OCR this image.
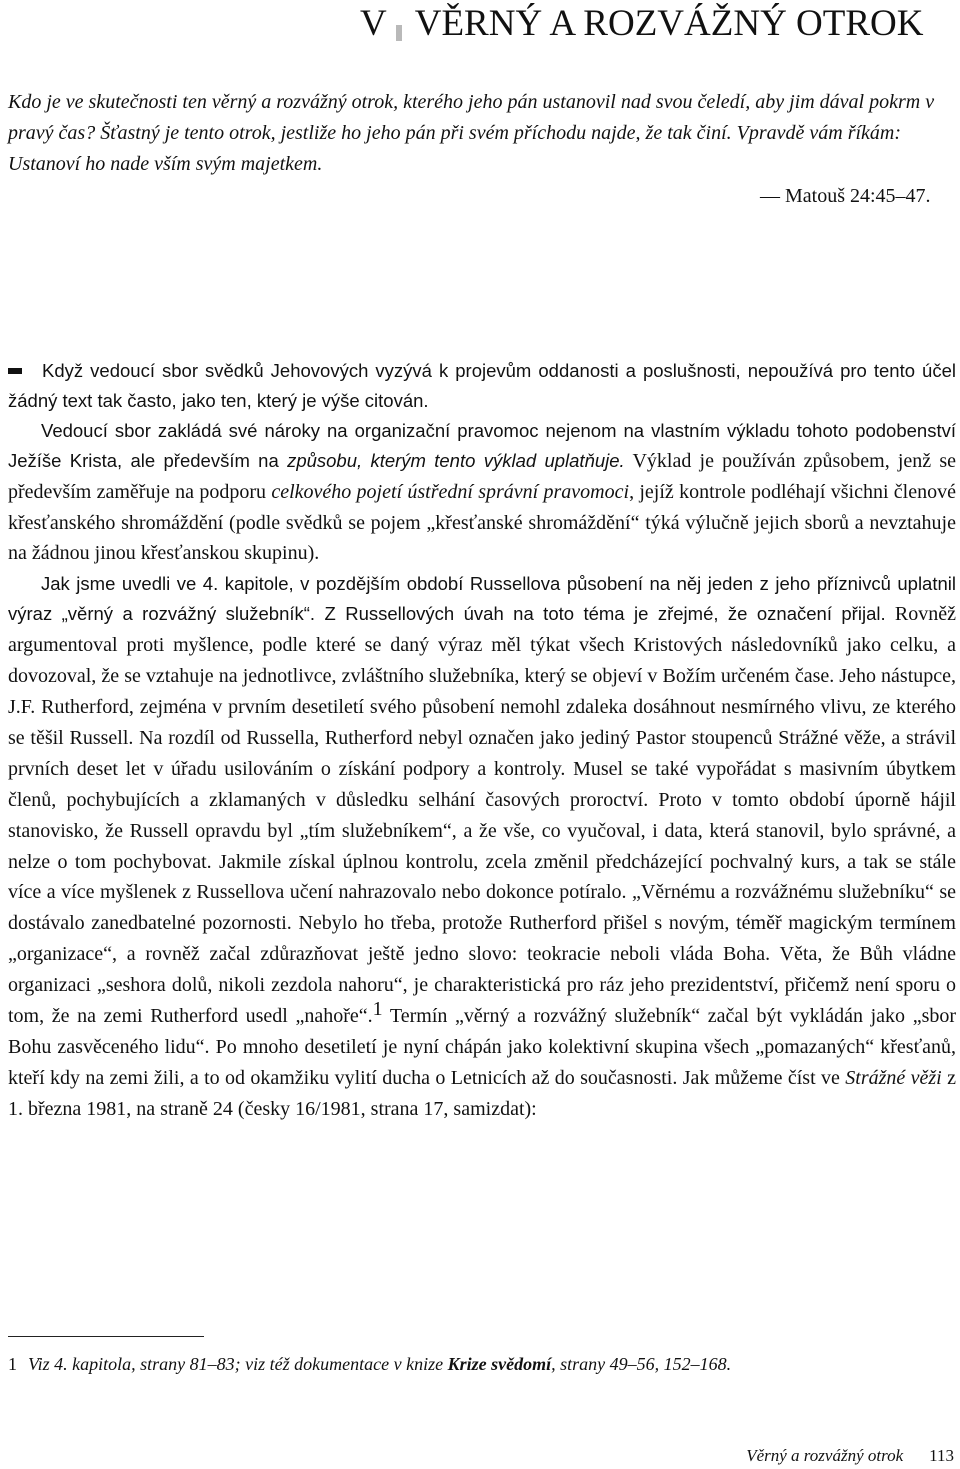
V VĚRNÝ A ROZVÁŽNÝ OTROK
Kdo je ve skutečnosti ten věrný a rozvážný otrok, kterého jeho pán ustanovil nad svou čeledí, aby jim dával pokrm v pravý čas? Šťastný je tento otrok, jestliže ho jeho pán při svém příchodu najde, že tak činí. Vpravdě vám říkám: Ustanoví ho nade vším svým majetkem.
— Matouš 24:45–47.

Když vedoucí sbor svědků Jehovových vyzývá k projevům oddanosti a poslušnosti, nepoužívá pro tento účel žádný text tak často, jako ten, který je výše citován.

Vedoucí sbor zakládá své nároky na organizační pravomoc nejenom na vlastním výkladu tohoto podobenství Ježíše Krista, ale především na způsobu, kterým tento výklad uplatňuje. Výklad je používán způsobem, jenž se především zaměřuje na podporu celkového pojetí ústřední správní pravomoci, jejíž kontrole podléhají všichni členové křesťanského shromáždění (podle svědků se pojem „křesťanské shromáždění“ týká výlučně jejich sborů a nevztahuje na žádnou jinou křesťanskou skupinu).

Jak jsme uvedli ve 4. kapitole, v pozdějším období Russellova působení na něj jeden z jeho příznivců uplatnil výraz „věrný a rozvážný služebník“. Z Russellových úvah na toto téma je zřejmé, že označení přijal. Rovněž argumentoval proti myšlence, podle které se daný výraz měl týkat všech Kristových následovníků jako celku, a dovozoval, že se vztahuje na jednotlivce, zvláštního služebníka, který se objeví v Božím určeném čase. Jeho nástupce, J.F. Rutherford, zejména v prvním desetiletí svého působení nemohl zdaleka dosáhnout nesmírného vlivu, ze kterého se těšil Russell. Na rozdíl od Russella, Rutherford nebyl označen jako jediný Pastor stoupenců Strážné věže, a strávil prvních deset let v úřadu usilováním o získání podpory a kontroly. Musel se také vypořádat s masivním úbytkem členů, pochybujících a zklamaných v důsledku selhání časových proroctví. Proto v tomto období úporně hájil stanovisko, že Russell opravdu byl „tím služebníkem“, a že vše, co vyučoval, i data, která stanovil, bylo správné, a nelze o tom pochybovat. Jakmile získal úplnou kontrolu, zcela změnil předcházející pochvalný kurs, a tak se stále více a více myšlenek z Russellova učení nahrazovalo nebo dokonce potíralo. „Věrnému a rozvážnému služebníku“ se dostávalo zanedbatelné pozornosti. Nebylo ho třeba, protože Rutherford přišel s novým, téměř magickým termínem „organizace“, a rovněž začal zdůrazňovat ještě jedno slovo: teokracie neboli vláda Boha. Věta, že Bůh vládne organizaci „seshora dolů, nikoli zezdola nahoru“, je charakteristická pro ráz jeho prezidentství, přičemž není sporu o tom, že na zemi Rutherford usedl „nahoře“.$^1$ Termín „věrný a rozvážný služebník“ začal být vykládán jako „sbor Bohu zasvěceného lidu“. Po mnoho desetiletí je nyní chápán jako kolektivní skupina všech „pomazaných“ křesťanů, kteří kdy na zemi žili, a to od okamžiku vylití ducha o Letnicích až do současnosti. Jak můžeme číst ve Strážné věži z 1. března 1981, na straně 24 (česky 16/1981, strana 17, samizdat):

1 Viz 4. kapitola, strany 81–83; viz též dokumentace v knize Krize svědomí, strany 49–56, 152–168.
Věrný a rozvážný otrok 113
